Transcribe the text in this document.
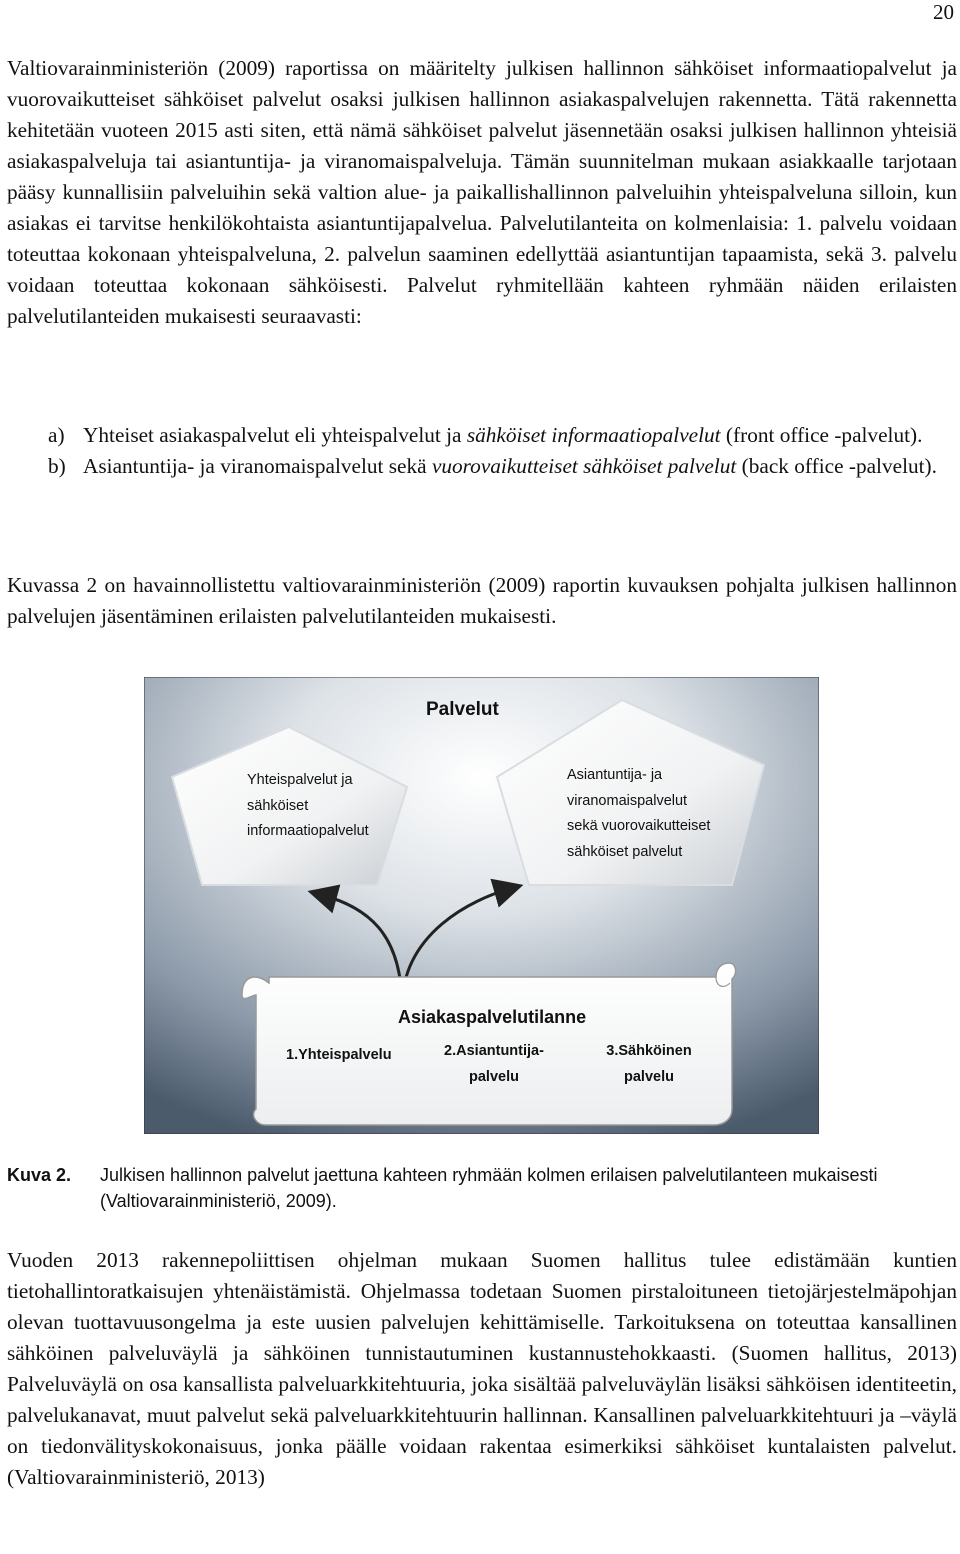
20

Valtiovarainministeriön (2009) raportissa on määritelty julkisen hallinnon sähköiset informaatiopalvelut ja vuorovaikutteiset sähköiset palvelut osaksi julkisen hallinnon asiakaspalvelujen rakennetta. Tätä rakennetta kehitetään vuoteen 2015 asti siten, että nämä sähköiset palvelut jäsennetään osaksi julkisen hallinnon yhteisiä asiakaspalveluja tai asiantuntija- ja viranomaispalveluja. Tämän suunnitelman mukaan asiakkaalle tarjotaan pääsy kunnallisiin palveluihin sekä valtion alue- ja paikallishallinnon palveluihin yhteispalveluna silloin, kun asiakas ei tarvitse henkilökohtaista asiantuntijapalvelua. Palvelutilanteita on kolmenlaisia: 1. palvelu voidaan toteuttaa kokonaan yhteispalveluna, 2. palvelun saaminen edellyttää asiantuntijan tapaamista, sekä 3. palvelu voidaan toteuttaa kokonaan sähköisesti. Palvelut ryhmitellään kahteen ryhmään näiden erilaisten palvelutilanteiden mukaisesti seuraavasti:

a) Yhteiset asiakaspalvelut eli yhteispalvelut ja sähköiset informaatiopalvelut (front office -palvelut).
b) Asiantuntija- ja viranomaispalvelut sekä vuorovaikutteiset sähköiset palvelut (back office -palvelut).

Kuvassa 2 on havainnollistettu valtiovarainministeriön (2009) raportin kuvauksen pohjalta julkisen hallinnon palvelujen jäsentäminen erilaisten palvelutilanteiden mukaisesti.

Palvelut
Yhteispalvelut ja
sähköiset
informaatiopalvelut
Asiantuntija- ja
viranomaispalvelut
sekä vuorovaikutteiset
sähköiset palvelut
Asiakaspalvelutilanne
1.Yhteispalvelu	2.Asiantuntija-
palvelu
3.Sähköinen
palvelu
Kuva 2. Julkisen hallinnon palvelut jaettuna kahteen ryhmään kolmen erilaisen palvelutilanteen mukaisesti (Valtiovarainministeriö, 2009).

Vuoden 2013 rakennepoliittisen ohjelman mukaan Suomen hallitus tulee edistämään kuntien tietohallintoratkaisujen yhtenäistämistä. Ohjelmassa todetaan Suomen pirstaloituneen tietojärjestelmäpohjan olevan tuottavuusongelma ja este uusien palvelujen kehittämiselle. Tarkoituksena on toteuttaa kansallinen sähköinen palveluväylä ja sähköinen tunnistautuminen kustannustehokkaasti. (Suomen hallitus, 2013) Palveluväylä on osa kansallista palveluarkkitehtuuria, joka sisältää palveluväylän lisäksi sähköisen identiteetin, palvelukanavat, muut palvelut sekä palveluarkkitehtuurin hallinnan. Kansallinen palveluarkkitehtuuri ja –väylä on tiedonvälityskokonaisuus, jonka päälle voidaan rakentaa esimerkiksi sähköiset kuntalaisten palvelut. (Valtiovarainministeriö, 2013)
